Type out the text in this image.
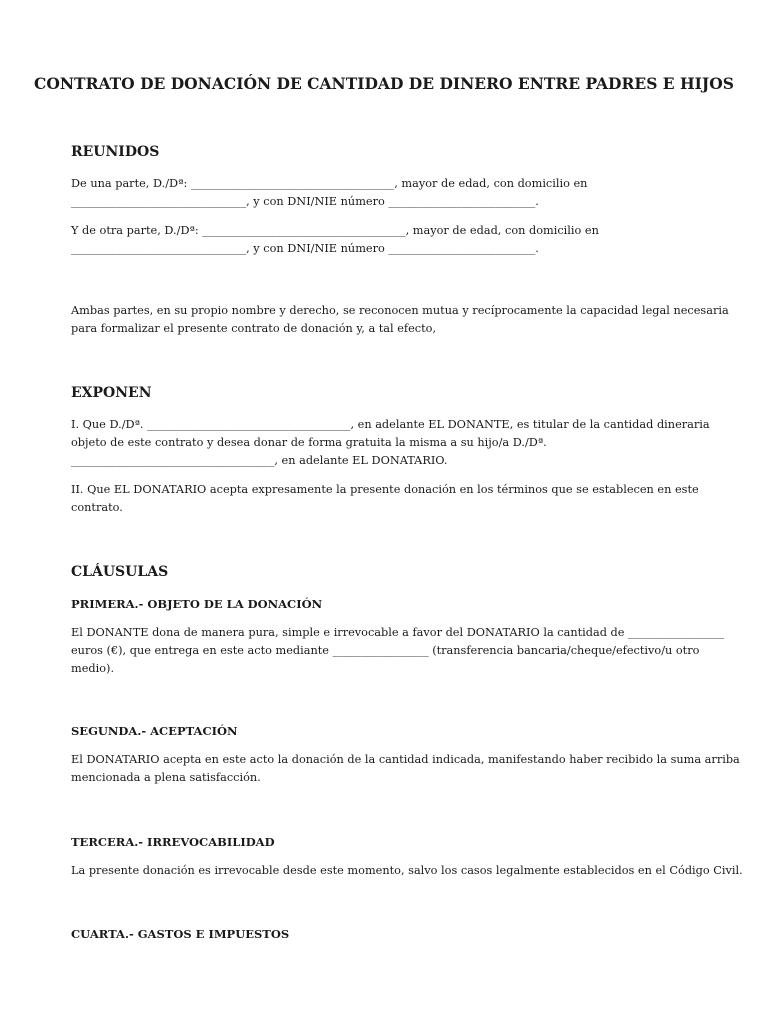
CONTRATO DE DONACIÓN DE CANTIDAD DE DINERO ENTRE PADRES E HIJOS
REUNIDOS
De una parte, D./Dª: ____________________________________, mayor de edad, con domicilio en
_______________________________, y con DNI/NIE número __________________________.
Y de otra parte, D./Dª: ____________________________________, mayor de edad, con domicilio en
_______________________________, y con DNI/NIE número __________________________.
Ambas partes, en su propio nombre y derecho, se reconocen mutua y recíprocamente la capacidad legal necesaria
para formalizar el presente contrato de donación y, a tal efecto,
EXPONEN
I. Que D./Dª. ____________________________________, en adelante EL DONANTE, es titular de la cantidad dineraria
objeto de este contrato y desea donar de forma gratuita la misma a su hijo/a D./Dª.
____________________________________, en adelante EL DONATARIO.
II. Que EL DONATARIO acepta expresamente la presente donación en los términos que se establecen en este
contrato.
CLÁUSULAS
PRIMERA.- OBJETO DE LA DONACIÓN
El DONANTE dona de manera pura, simple e irrevocable a favor del DONATARIO la cantidad de _________________
euros (€), que entrega en este acto mediante _________________ (transferencia bancaria/cheque/efectivo/u otro
medio).
SEGUNDA.- ACEPTACIÓN
El DONATARIO acepta en este acto la donación de la cantidad indicada, manifestando haber recibido la suma arriba
mencionada a plena satisfacción.
TERCERA.- IRREVOCABILIDAD
La presente donación es irrevocable desde este momento, salvo los casos legalmente establecidos en el Código Civil.
CUARTA.- GASTOS E IMPUESTOS
